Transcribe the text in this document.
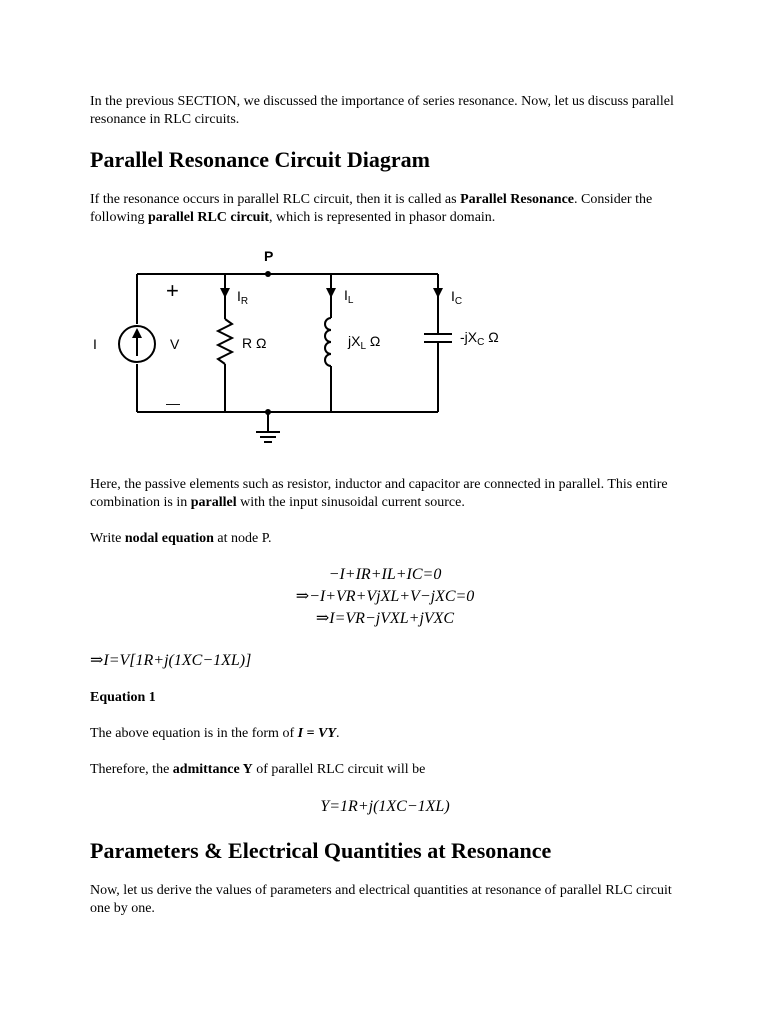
In the previous SECTION, we discussed the importance of series resonance. Now, let us discuss parallel resonance in RLC circuits.

Parallel Resonance Circuit Diagram

If the resonance occurs in parallel RLC circuit, then it is called as Parallel Resonance. Consider the following parallel RLC circuit, which is represented in phasor domain.

P
I	V
+
—
$I_R$	$I_L$	$I_C$
R Ω	$jX_L$ Ω	$-jX_C$ Ω

Here, the passive elements such as resistor, inductor and capacitor are connected in parallel. This entire combination is in parallel with the input sinusoidal current source.

Write nodal equation at node P.

−I+IR+IL+IC=0
⇒−I+VR+VjXL+V−jXC=0
⇒I=VR−jVXL+jVXC
⇒I=V[1R+j(1XC−1XL)]

Equation 1

The above equation is in the form of I = VY.

Therefore, the admittance Y of parallel RLC circuit will be

Y=1R+j(1XC−1XL)
Parameters & Electrical Quantities at Resonance

Now, let us derive the values of parameters and electrical quantities at resonance of parallel RLC circuit one by one.
